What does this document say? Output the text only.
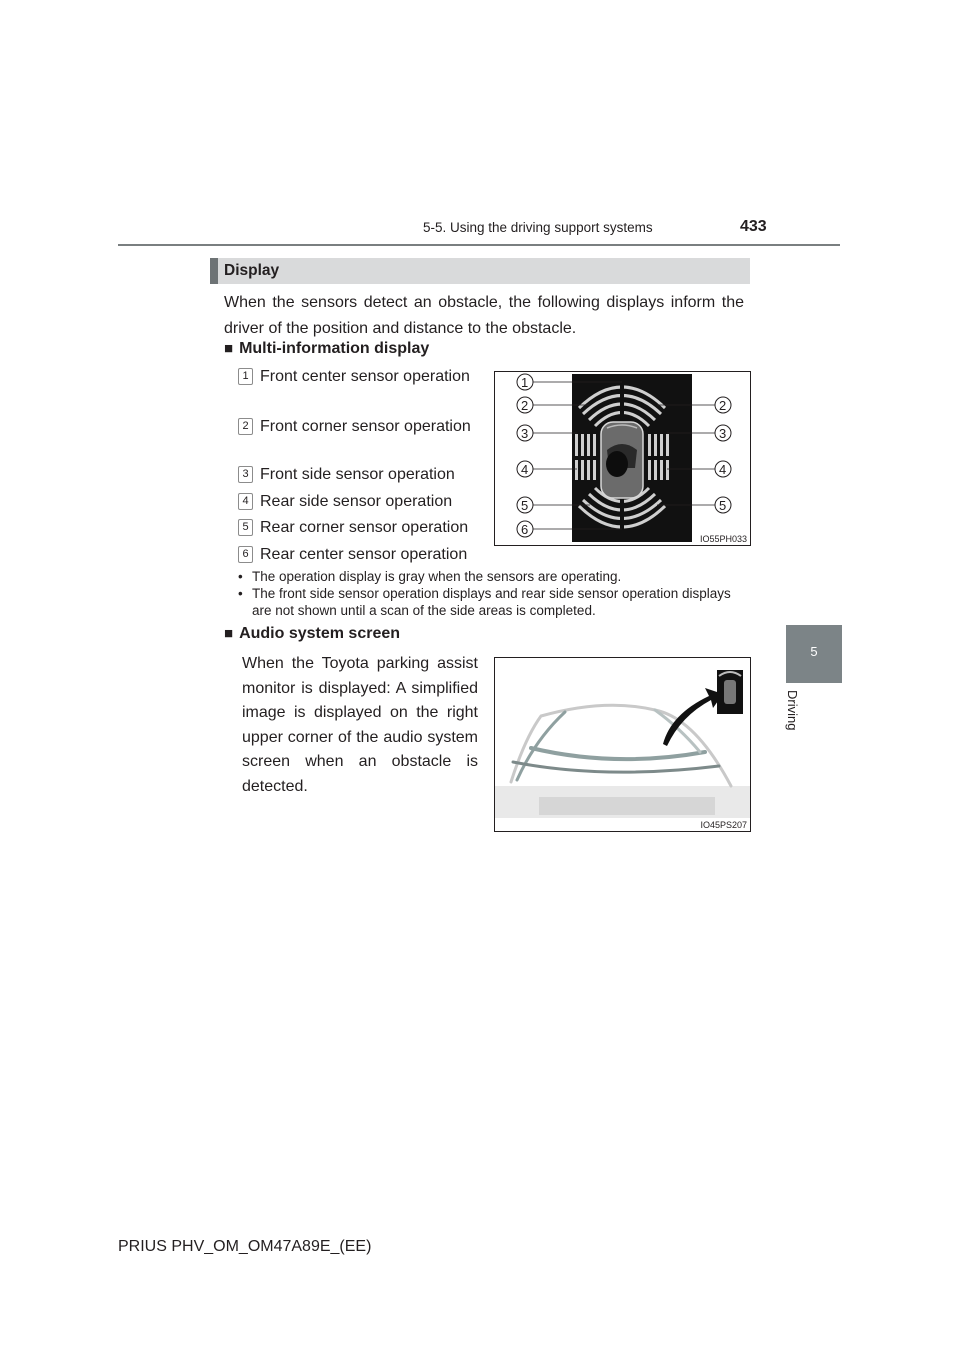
5-5. Using the driving support systems	433
5
Driving
Display
When the sensors detect an obstacle, the following displays inform the driver of the position and distance to the obstacle.
■ Multi-information display
1 Front center sensor operation
2 Front corner sensor operation
3 Front side sensor operation
4 Rear side sensor operation
5 Rear corner sensor operation
6 Rear center sensor operation
1
2
3
4
5
6
2
3
4
5
IO55PH033
• The operation display is gray when the sensors are operating.
• The front side sensor operation displays and rear side sensor operation displays are not shown until a scan of the side areas is completed.
■ Audio system screen
When the Toyota parking assist monitor is displayed: A simplified image is displayed on the right upper corner of the audio system screen when an obstacle is detected.
IO45PS207
PRIUS PHV_OM_OM47A89E_(EE)
